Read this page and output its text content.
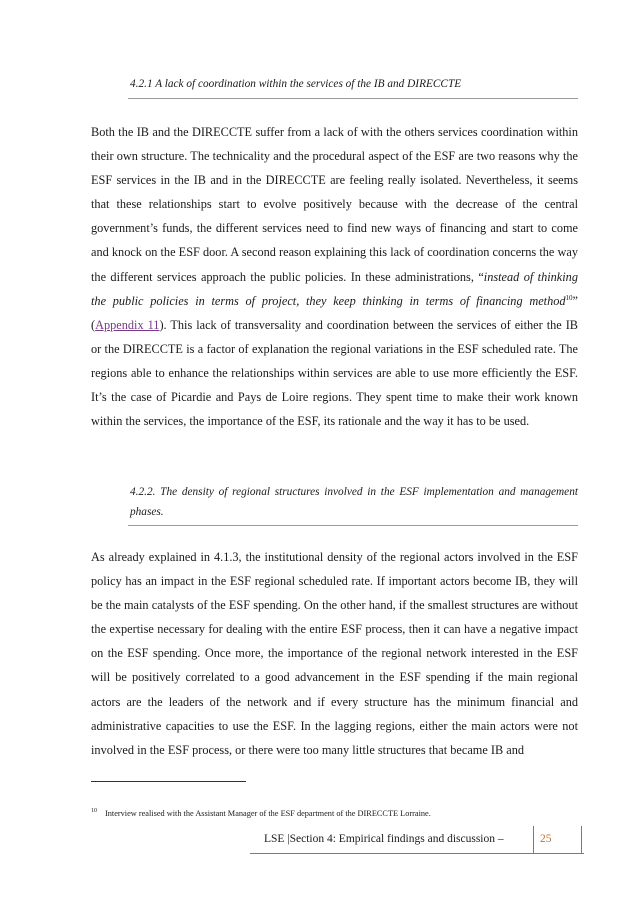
4.2.1 A lack of coordination within the services of the IB and DIRECCTE

Both the IB and the DIRECCTE suffer from a lack of with the others services coordination within their own structure. The technicality and the procedural aspect of the ESF are two reasons why the ESF services in the IB and in the DIRECCTE are feeling really isolated. Nevertheless, it seems that these relationships start to evolve positively because with the decrease of the central government’s funds, the different services need to find new ways of financing and start to come and knock on the ESF door. A second reason explaining this lack of coordination concerns the way the different services approach the public policies. In these administrations, “instead of thinking the public policies in terms of project, they keep thinking in terms of financing method$^{10}$” (Appendix 11). This lack of transversality and coordination between the services of either the IB or the DIRECCTE is a factor of explanation the regional variations in the ESF scheduled rate. The regions able to enhance the relationships within services are able to use more efficiently the ESF. It’s the case of Picardie and Pays de Loire regions. They spent time to make their work known within the services, the importance of the ESF, its rationale and the way it has to be used.

4.2.2. The density of regional structures involved in the ESF implementation and management phases.

As already explained in 4.1.3, the institutional density of the regional actors involved in the ESF policy has an impact in the ESF regional scheduled rate. If important actors become IB, they will be the main catalysts of the ESF spending. On the other hand, if the smallest structures are without the expertise necessary for dealing with the entire ESF process, then it can have a negative impact on the ESF spending. Once more, the importance of the regional network interested in the ESF will be positively correlated to a good advancement in the ESF spending if the main regional actors are the leaders of the network and if every structure has the minimum financial and administrative capacities to use the ESF. In the lagging regions, either the main actors were not involved in the ESF process, or there were too many little structures that became IB and

$^{10}$ Interview realised with the Assistant Manager of the ESF department of the DIRECCTE Lorraine.
LSE |Section 4: Empirical findings and discussion –	25
